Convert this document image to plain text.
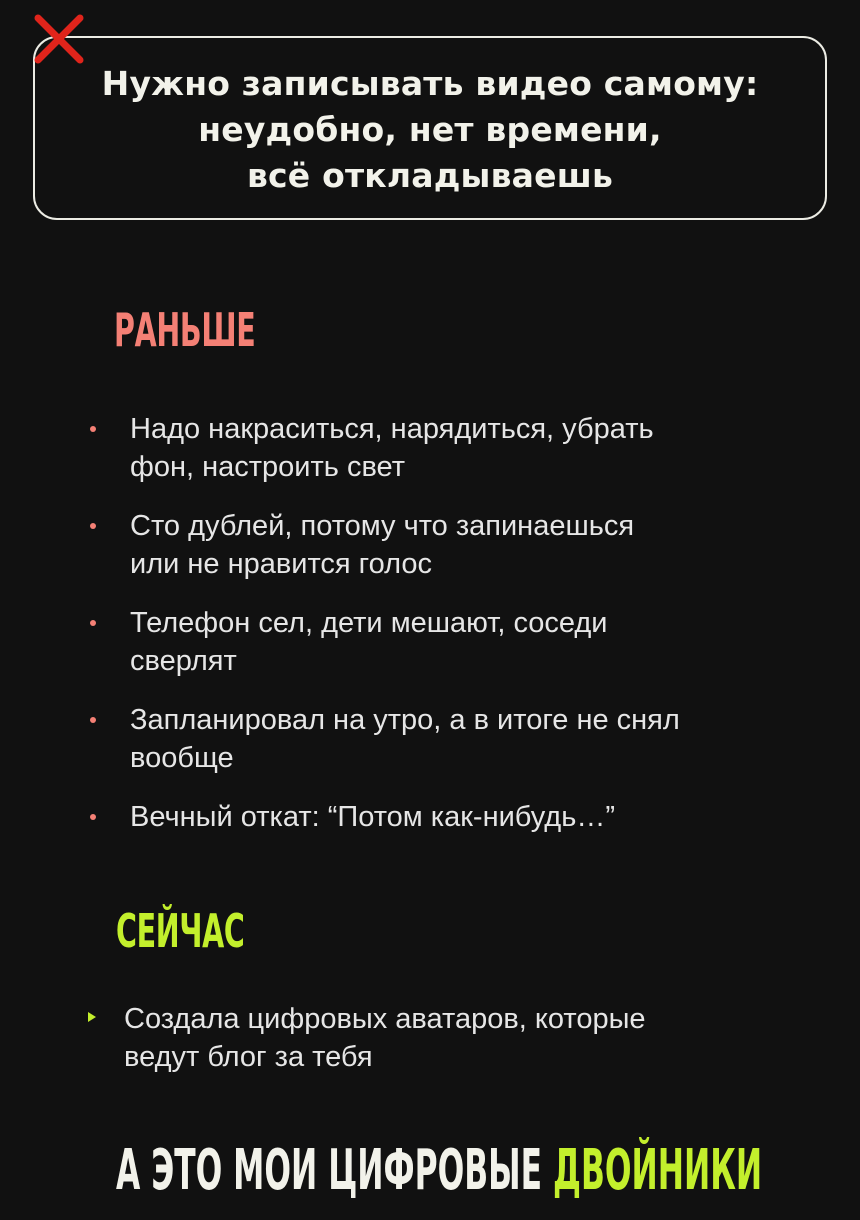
Нужно записывать видео самому:
неудобно, нет времени,
всё откладываешь
РАНЬШЕ
Надо накраситься, нарядиться, убрать
фон, настроить свет
Сто дублей, потому что запинаешься
или не нравится голос
Телефон сел, дети мешают, соседи
сверлят
Запланировал на утро, а в итоге не снял
вообще
Вечный откат: “Потом как-нибудь…”
СЕЙЧАС
Создала цифровых аватаров, которые
ведут блог за тебя
А ЭТО МОИ ЦИФРОВЫЕ ДВОЙНИКИ
